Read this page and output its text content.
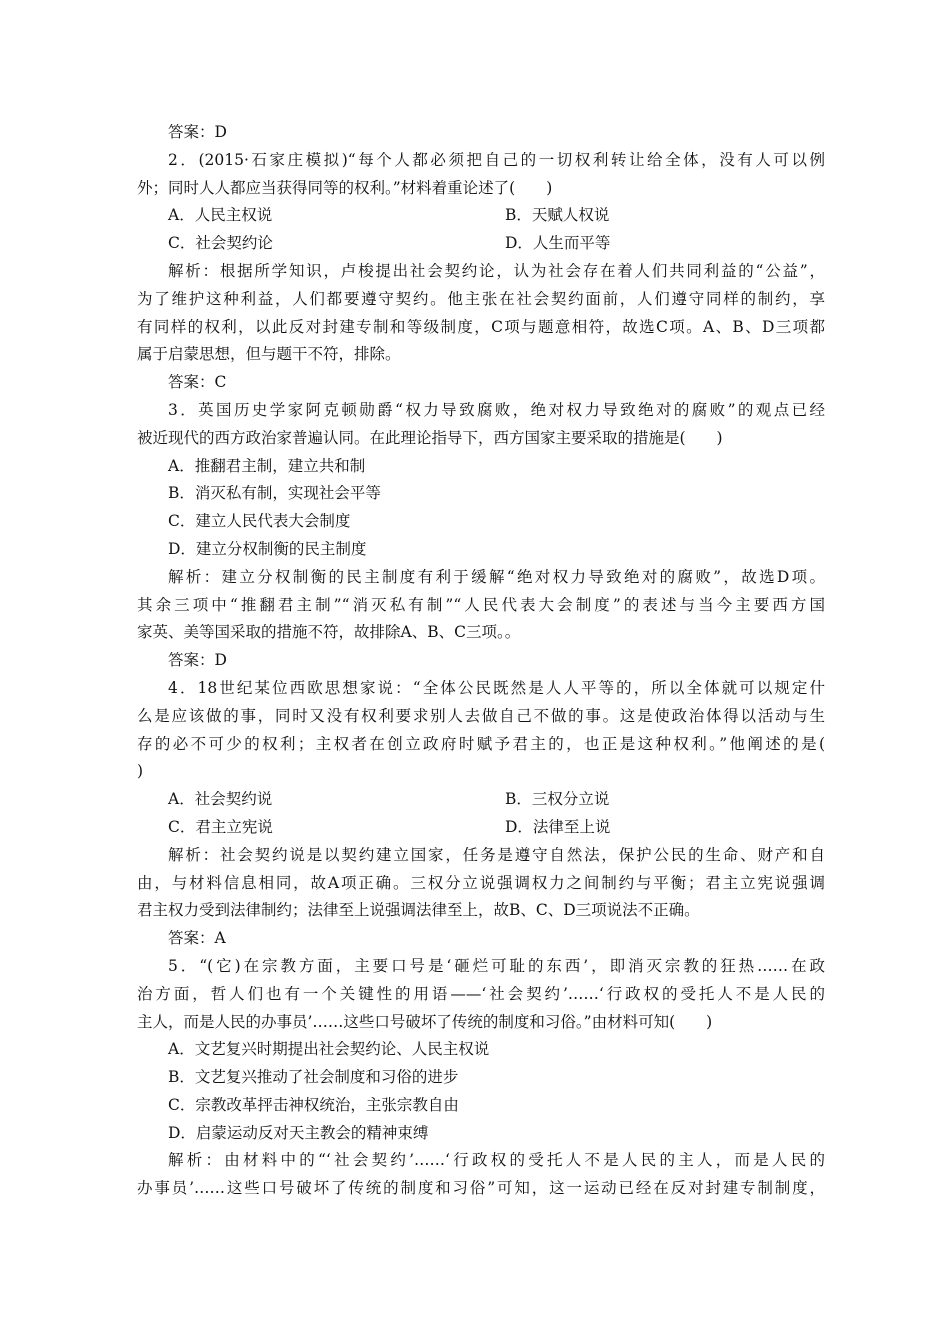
答案：D
2．(2015·石家庄模拟)“每个人都必须把自己的一切权利转让给全体，没有人可以例
外；同时人人都应当获得同等的权利。”材料着重论述了(　　)
A．人民主权说	B．天赋人权说
C．社会契约论	D．人生而平等
解析：根据所学知识，卢梭提出社会契约论，认为社会存在着人们共同利益的“公益”，
为了维护这种利益，人们都要遵守契约。他主张在社会契约面前，人们遵守同样的制约，享
有同样的权利，以此反对封建专制和等级制度，C项与题意相符，故选C项。A、B、D三项都
属于启蒙思想，但与题干不符，排除。
答案：C
3．英国历史学家阿克顿勋爵“权力导致腐败，绝对权力导致绝对的腐败”的观点已经
被近现代的西方政治家普遍认同。在此理论指导下，西方国家主要采取的措施是(　　)
A．推翻君主制，建立共和制
B．消灭私有制，实现社会平等
C．建立人民代表大会制度
D．建立分权制衡的民主制度
解析：建立分权制衡的民主制度有利于缓解“绝对权力导致绝对的腐败”，故选D项。
其余三项中“推翻君主制”“消灭私有制”“人民代表大会制度”的表述与当今主要西方国
家英、美等国采取的措施不符，故排除A、B、C三项。。
答案：D
4．18世纪某位西欧思想家说：“全体公民既然是人人平等的，所以全体就可以规定什
么是应该做的事，同时又没有权利要求别人去做自己不做的事。这是使政治体得以活动与生
存的必不可少的权利；主权者在创立政府时赋予君主的，也正是这种权利。”他阐述的是(
)
A．社会契约说	B．三权分立说
C．君主立宪说	D．法律至上说
解析：社会契约说是以契约建立国家，任务是遵守自然法，保护公民的生命、财产和自
由，与材料信息相同，故A项正确。三权分立说强调权力之间制约与平衡；君主立宪说强调
君主权力受到法律制约；法律至上说强调法律至上，故B、C、D三项说法不正确。
答案：A
5．“(它)在宗教方面，主要口号是‘砸烂可耻的东西’，即消灭宗教的狂热……在政
治方面，哲人们也有一个关键性的用语——‘社会契约’……‘行政权的受托人不是人民的
主人，而是人民的办事员’……这些口号破坏了传统的制度和习俗。”由材料可知(　　)
A．文艺复兴时期提出社会契约论、人民主权说
B．文艺复兴推动了社会制度和习俗的进步
C．宗教改革抨击神权统治，主张宗教自由
D．启蒙运动反对天主教会的精神束缚
解析：由材料中的“‘社会契约’……‘行政权的受托人不是人民的主人，而是人民的
办事员’……这些口号破坏了传统的制度和习俗”可知，这一运动已经在反对封建专制制度，
